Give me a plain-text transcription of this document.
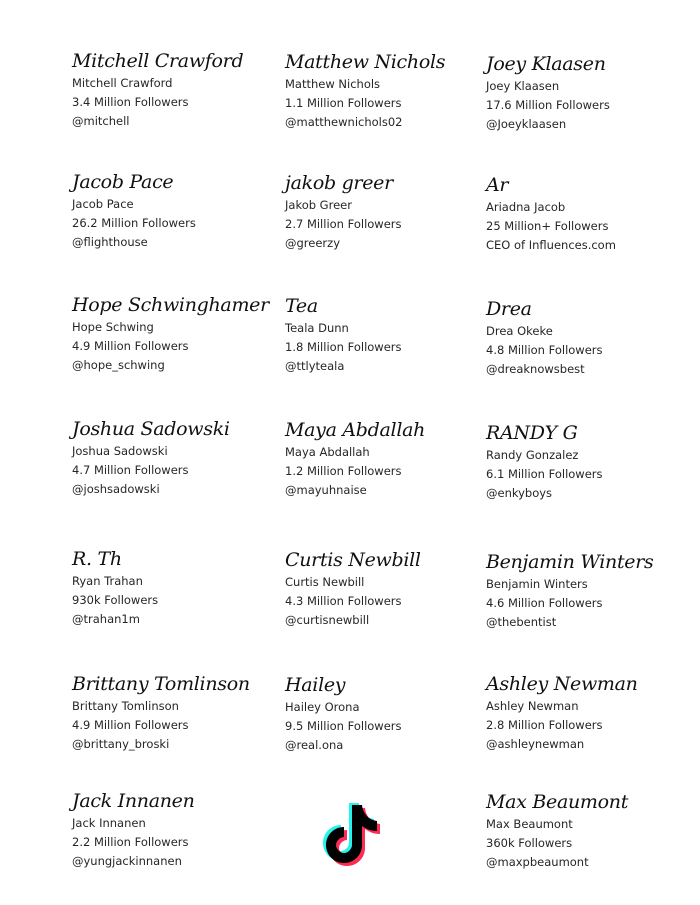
Mitchell Crawford
Mitchell Crawford
3.4 Million Followers
@mitchell
Matthew Nichols
Matthew Nichols
1.1 Million Followers
@matthewnichols02
Joey Klaasen
Joey Klaasen
17.6 Million Followers
@Joeyklaasen
Jacob Pace
Jacob Pace
26.2 Million Followers
@flighthouse
jakob greer
Jakob Greer
2.7 Million Followers
@greerzy
Ar
Ariadna Jacob
25 Million+ Followers
CEO of Influences.com
Hope Schwinghamer
Hope Schwing
4.9 Million Followers
@hope_schwing
Tea
Teala Dunn
1.8 Million Followers
@ttlyteala
Drea
Drea Okeke
4.8 Million Followers
@dreaknowsbest
Joshua Sadowski
Joshua Sadowski
4.7 Million Followers
@joshsadowski
Maya Abdallah
Maya Abdallah
1.2 Million Followers
@mayuhnaise
RANDY G
Randy Gonzalez
6.1 Million Followers
@enkyboys
R. Th
Ryan Trahan
930k Followers
@trahan1m
Curtis Newbill
Curtis Newbill
4.3 Million Followers
@curtisnewbill
Benjamin Winters
Benjamin Winters
4.6 Million Followers
@thebentist
Brittany Tomlinson
Brittany Tomlinson
4.9 Million Followers
@brittany_broski
Hailey
Hailey Orona
9.5 Million Followers
@real.ona
Ashley Newman
Ashley Newman
2.8 Million Followers
@ashleynewman
Jack Innanen
Jack Innanen
2.2 Million Followers
@yungjackinnanen
Max Beaumont
Max Beaumont
360k Followers
@maxpbeaumont
